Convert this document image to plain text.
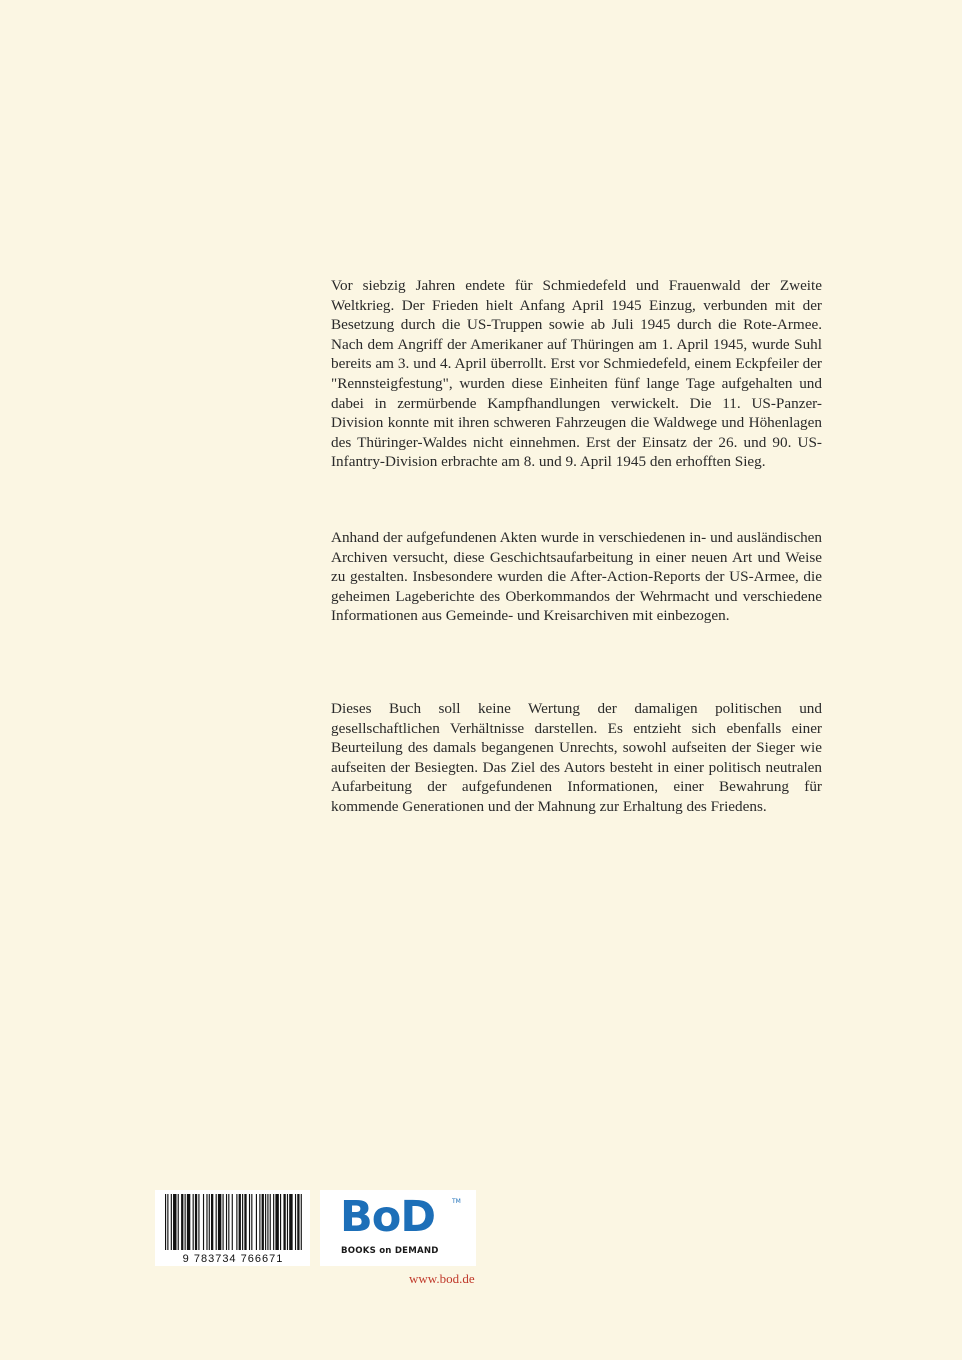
Vor siebzig Jahren endete für Schmiedefeld und Frauenwald der Zweite Weltkrieg. Der Frieden hielt Anfang April 1945 Einzug, verbunden mit der Besetzung durch die US-Truppen sowie ab Juli 1945 durch die Rote-Armee. Nach dem Angriff der Amerikaner auf Thüringen am 1. April 1945, wurde Suhl bereits am 3. und 4. April überrollt. Erst vor Schmiedefeld, einem Eckpfeiler der "Rennsteigfestung", wurden diese Einheiten fünf lange Tage aufgehalten und dabei in zermürbende Kampfhandlungen verwickelt. Die 11. US-Panzer-Division konnte mit ihren schweren Fahrzeugen die Waldwege und Höhenlagen des Thüringer-Waldes nicht einnehmen. Erst der Einsatz der 26. und 90. US-Infantry-Division erbrachte am 8. und 9. April 1945 den erhofften Sieg.

Anhand der aufgefundenen Akten wurde in verschiedenen in- und ausländischen Archiven versucht, diese Geschichtsaufarbeitung in einer neuen Art und Weise zu gestalten. Insbesondere wurden die After-Action-Reports der US-Armee, die geheimen Lageberichte des Oberkommandos der Wehrmacht und verschiedene Informationen aus Gemeinde- und Kreisarchiven mit einbezogen.

Dieses Buch soll keine Wertung der damaligen politischen und gesellschaftlichen Verhältnisse darstellen. Es entzieht sich ebenfalls einer Beurteilung des damals begangenen Unrechts, sowohl aufseiten der Sieger wie aufseiten der Besiegten. Das Ziel des Autors besteht in einer politisch neutralen Aufarbeitung der aufgefundenen Informationen, einer Bewahrung für kommende Generationen und der Mahnung zur Erhaltung des Friedens.

9 783734 766671
BoD	TM
BOOKS on DEMAND
www.bod.de
